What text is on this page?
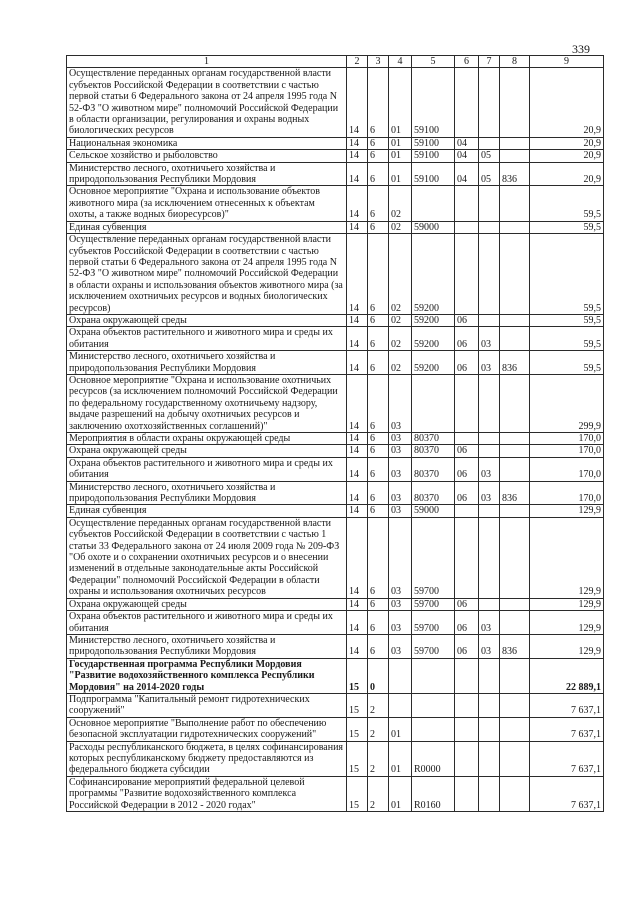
339
1	2	3	4	5	6	7	8	9
Осуществление переданных органам государственной власти субъектов Российской Федерации в соответствии с частью первой статьи 6 Федерального закона от 24 апреля 1995 года N 52-ФЗ "О животном мире" полномочий Российской Федерации в области организации, регулирования и охраны водных биологических ресурсов	14	6	01	59100				20,9
Национальная экономика	14	6	01	59100	04			20,9
Сельское хозяйство и рыболовство	14	6	01	59100	04	05		20,9
Министерство лесного, охотничьего хозяйства и природопользования Республики Мордовия	14	6	01	59100	04	05	836	20,9
Основное мероприятие "Охрана и использование объектов животного мира (за исключением отнесенных к объектам охоты, а также водных биоресурсов)"	14	6	02					59,5
Единая субвенция	14	6	02	59000				59,5
Осуществление переданных органам государственной власти субъектов Российской Федерации в соответствии с частью первой статьи 6 Федерального закона от 24 апреля 1995 года N 52-ФЗ "О животном мире" полномочий Российской Федерации в области охраны и использования объектов животного мира (за исключением охотничьих ресурсов и водных биологических ресурсов)	14	6	02	59200				59,5
Охрана окружающей среды	14	6	02	59200	06			59,5
Охрана объектов растительного и животного мира и среды их обитания	14	6	02	59200	06	03		59,5
Министерство лесного, охотничьего хозяйства и природопользования Республики Мордовия	14	6	02	59200	06	03	836	59,5
Основное мероприятие "Охрана и использование охотничьих ресурсов (за исключением полномочий Российской Федерации по федеральному государственному охотничьему надзору, выдаче разрешений на добычу охотничьих ресурсов и заключению охотхозяйственных соглашений)"	14	6	03					299,9
Мероприятия в области охраны окружающей среды	14	6	03	80370				170,0
Охрана окружающей среды	14	6	03	80370	06			170,0
Охрана объектов растительного и животного мира и среды их обитания	14	6	03	80370	06	03		170,0
Министерство лесного, охотничьего хозяйства и природопользования Республики Мордовия	14	6	03	80370	06	03	836	170,0
Единая субвенция	14	6	03	59000				129,9
Осуществление переданных органам государственной власти субъектов Российской Федерации в соответствии с частью 1 статьи 33 Федерального закона от 24 июля 2009 года № 209-ФЗ "Об охоте и о сохранении охотничьих ресурсов и о внесении изменений в отдельные законодательные акты Российской Федерации" полномочий Российской Федерации в области охраны и использования охотничьих ресурсов	14	6	03	59700				129,9
Охрана окружающей среды	14	6	03	59700	06			129,9
Охрана объектов растительного и животного мира и среды их обитания	14	6	03	59700	06	03		129,9
Министерство лесного, охотничьего хозяйства и природопользования Республики Мордовия	14	6	03	59700	06	03	836	129,9
Государственная программа Республики Мордовия "Развитие водохозяйственного комплекса Республики Мордовия" на 2014-2020 годы	15	0						22 889,1
Подпрограмма "Капитальный ремонт гидротехнических сооружений"	15	2						7 637,1
Основное мероприятие "Выполнение работ по обеспечению безопасной эксплуатации гидротехнических сооружений"	15	2	01					7 637,1
Расходы республиканского бюджета, в целях софинансирования которых республиканскому бюджету предоставляются из федерального бюджета субсидии	15	2	01	R0000				7 637,1
Софинансирование мероприятий федеральной целевой программы "Развитие водохозяйственного комплекса Российской Федерации в 2012 - 2020 годах"	15	2	01	R0160				7 637,1
